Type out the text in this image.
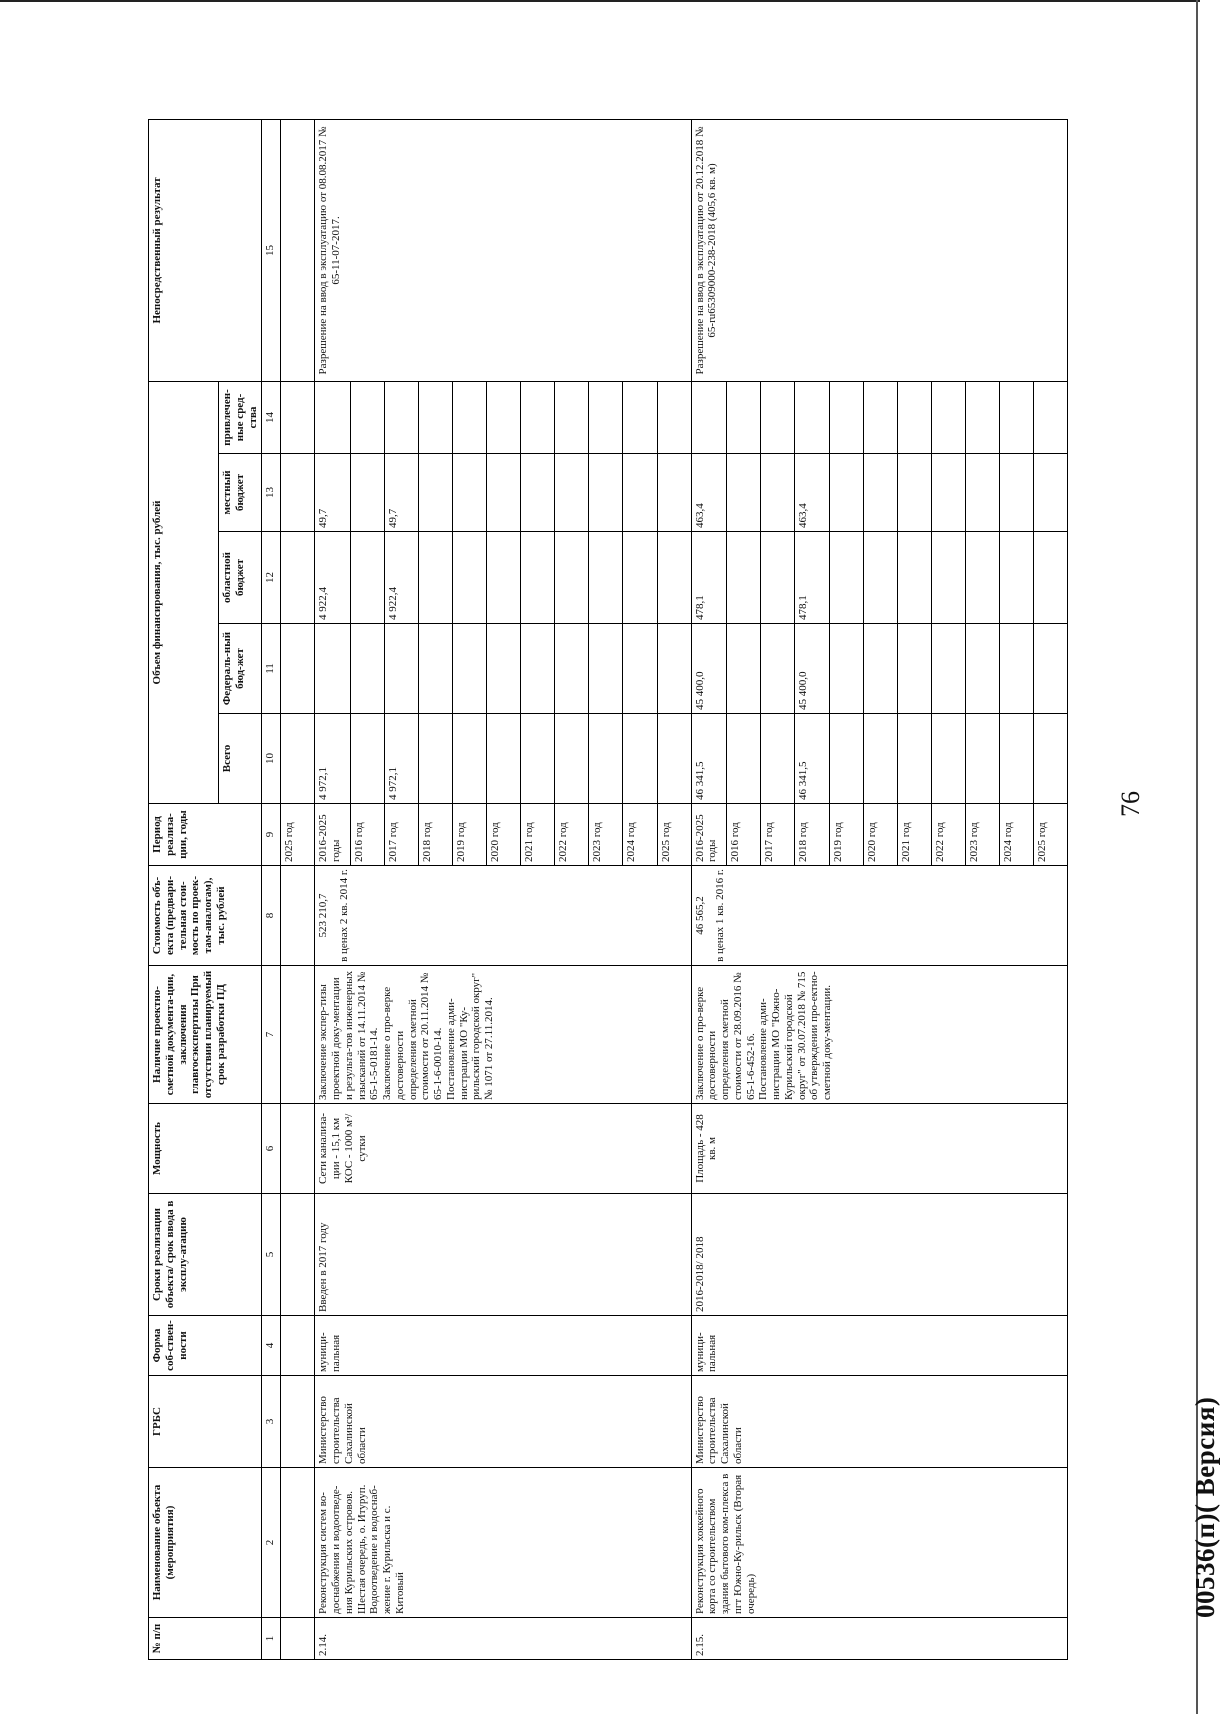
76
00536(п)( Версия)
№ п/п	Наименование объекта (мероприятия)	ГРБС	Форма соб-ствен-ности	Сроки реализации объекта/ срок ввода в эксплу-атацию	Мощность	Наличие проектно-сметной документа-ции, заключения главгосэкспертизы При отсутствии планируемый срок разработки ПД	Стоимость объ-екта (предвари-тельная стои-мость по проек-там-аналогам), тыс. рублей	Период реализа-ции, годы	Объем финансирования, тыс. рублей					Непосредственный результат
									Всего	Федераль-ный бюд-жет	областной бюджет	местный бюджет	привлечен-ные сред-ства	
1	2	3	4	5	6	7	8	9	10	11	12	13	14	15
								2025 год						
2.14.	Реконструкция систем во-доснабжения и водоотведе-ния Курильских островов. Шестая очередь, о. Итуруп. Водоотведение и водоснаб-жение г. Курильска и с. Китовый	Министерство строительства Сахалинской области	муници-пальная	Введен в 2017 году	Сети канализа-ции - 15,1 км КОС - 1000 м³/сутки	Заключение экспер-тизы проектной доку-ментации и результа-тов инженерных изысканий от 14.11.2014 № 65-1-5-0181-14. Заключение о про-верке достоверности определения сметной стоимости от 20.11.2014 № 65-1-6-0010-14. Постановление адми-нистрации МО "Ку-рильский городской округ" № 1071 от 27.11.2014.	523 210,7 в ценах 2 кв. 2014 г.	2016-2025 годы	4 972,1		4 922,4	49,7		Разрешение на ввод в эксплуатацию от 08.08.2017 № 65-11-07-2017.
								2016 год						
								2017 год	4 972,1		4 922,4	49,7		
								2018 год						
								2019 год						
								2020 год						
								2021 год						
								2022 год						
								2023 год						
								2024 год						
								2025 год						
2.15.	Реконструкция хоккейного корта со строительством здания бытового ком-плекса в пгт Южно-Ку-рильск (Вторая очередь)	Министерство строительства Сахалинской области	муници-пальная	2016-2018/ 2018	Площадь - 428 кв. м	Заключение о про-верке достоверности определения сметной стоимости от 28.09.2016 № 65-1-6-452-16. Постановление адми-нистрации МО "Южно-Курильский городской округ" от 30.07.2018 № 715 об утверждении про-ектно-сметной доку-ментации.	46 565,2 в ценах 1 кв. 2016 г.	2016-2025 годы	46 341,5	45 400,0	478,1	463,4		Разрешение на ввод в эксплуатацию от 20.12.2018 № 65-ru65309000-238-2018 (405,6 кв. м)
								2016 год						
								2017 год						
								2018 год	46 341,5	45 400,0	478,1	463,4		
								2019 год						
								2020 год						
								2021 год						
								2022 год						
								2023 год						
								2024 год						
								2025 год						
